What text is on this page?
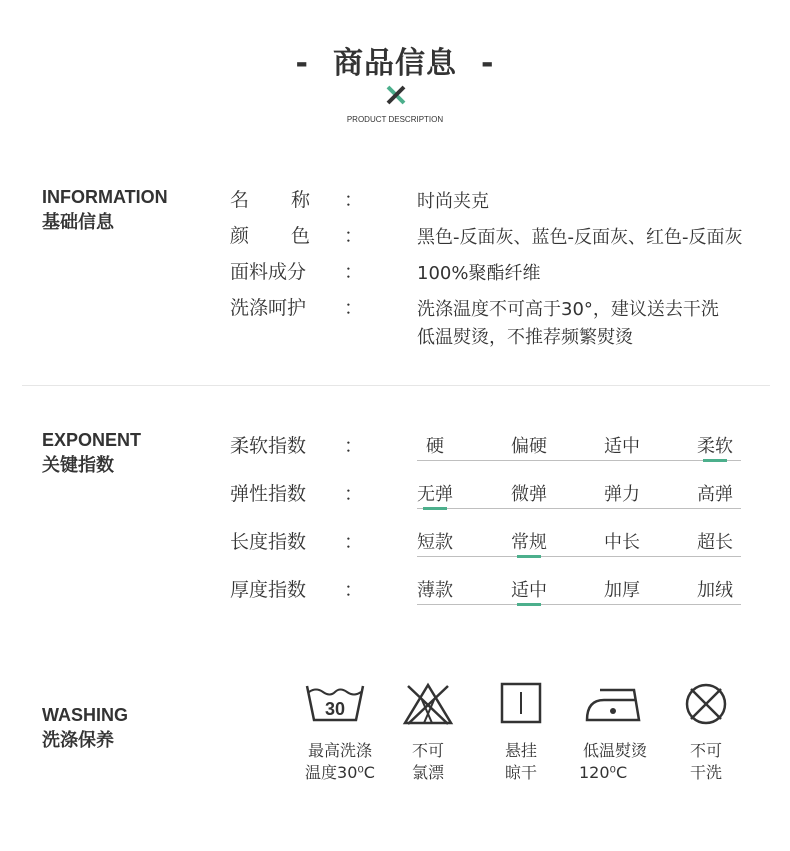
- 商品信息 -
PRODUCT DESCRIPTION
INFORMATION
基础信息
名 称 ：	时尚夹克
颜 色 ：	黑色-反面灰、蓝色-反面灰、红色-反面灰
面料成分 ：	100%聚酯纤维
洗涤呵护 ：	洗涤温度不可高于30°，建议送去干洗
低温熨烫，不推荐频繁熨烫
EXPONENT
关键指数
柔软指数 ：	硬	偏硬	适中	柔软
弹性指数 ：	无弹	微弹	弹力	高弹
长度指数 ：	短款	常规	中长	超长
厚度指数 ：	薄款	适中	加厚	加绒
WASHING
洗涤保养
30
最高洗涤
温度30⁰C
不可
氯漂
悬挂
晾干
低温熨烫
120⁰C
不可
干洗
